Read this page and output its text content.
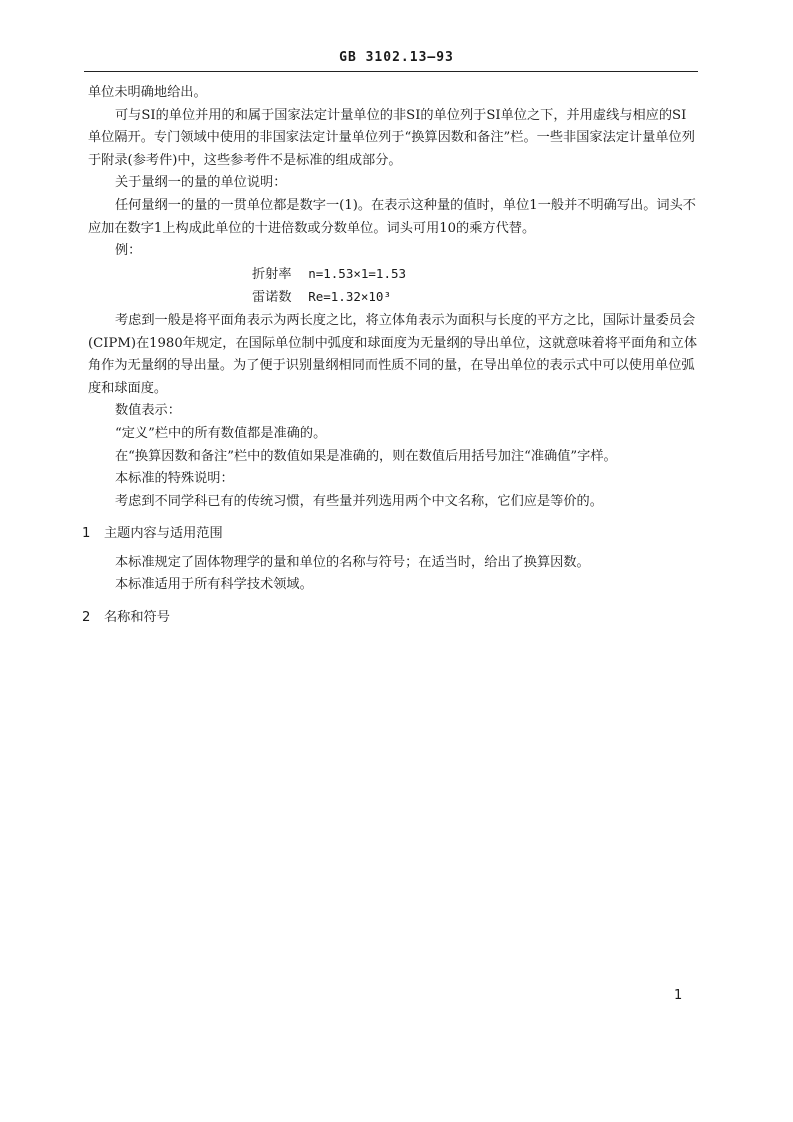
GB 3102.13—93

单位未明确地给出。

可与SI的单位并用的和属于国家法定计量单位的非SI的单位列于SI单位之下，并用虚线与相应的SI单位隔开。专门领域中使用的非国家法定计量单位列于“换算因数和备注”栏。一些非国家法定计量单位列于附录(参考件)中，这些参考件不是标准的组成部分。

关于量纲一的量的单位说明：

任何量纲一的量的一贯单位都是数字一(1)。在表示这种量的值时，单位1一般并不明确写出。词头不应加在数字1上构成此单位的十进倍数或分数单位。词头可用10的乘方代替。

例：

折射率 n=1.53×1=1.53

雷诺数 Re=1.32×10³

考虑到一般是将平面角表示为两长度之比，将立体角表示为面积与长度的平方之比，国际计量委员会(CIPM)在1980年规定，在国际单位制中弧度和球面度为无量纲的导出单位，这就意味着将平面角和立体角作为无量纲的导出量。为了便于识别量纲相同而性质不同的量，在导出单位的表示式中可以使用单位弧度和球面度。

数值表示：

“定义”栏中的所有数值都是准确的。

在“换算因数和备注”栏中的数值如果是准确的，则在数值后用括号加注“准确值”字样。

本标准的特殊说明：

考虑到不同学科已有的传统习惯，有些量并列选用两个中文名称，它们应是等价的。

1 主题内容与适用范围

本标准规定了固体物理学的量和单位的名称与符号；在适当时，给出了换算因数。

本标准适用于所有科学技术领域。

2 名称和符号

1
